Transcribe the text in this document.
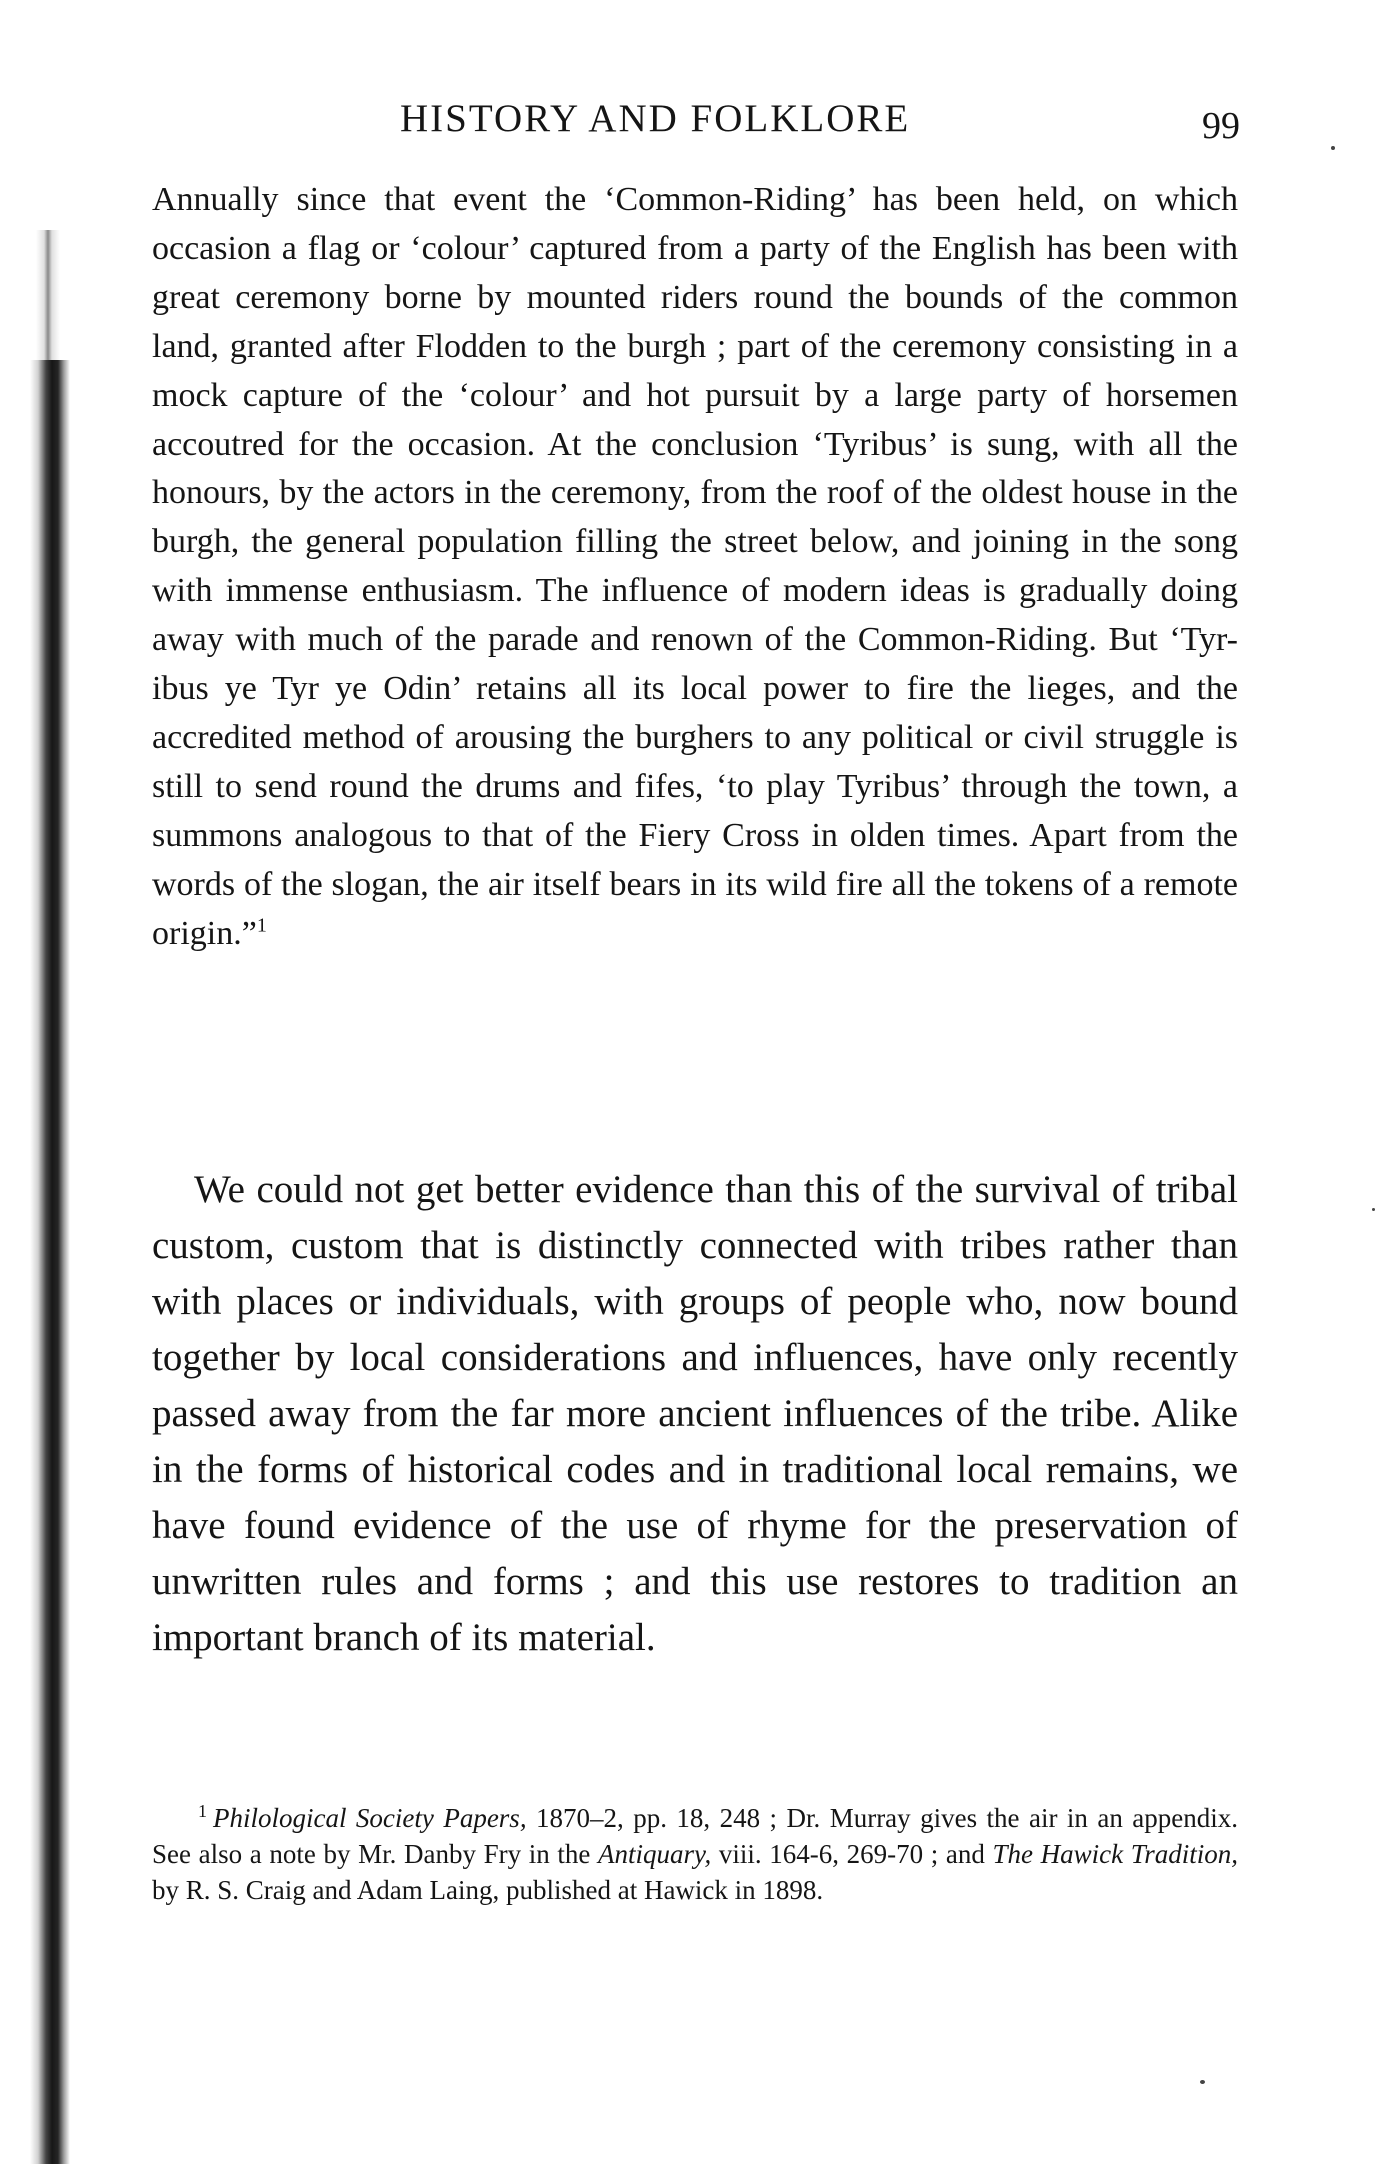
HISTORY AND FOLKLORE	99

Annually since that event the ‘Common-Riding’ has been held, on which occasion a flag or ‘colour’ captured from a party of the English has been with great ceremony borne by mounted riders round the bounds of the common land, granted after Flodden to the burgh ; part of the ceremony consisting in a mock capture of the ‘colour’ and hot pursuit by a large party of horsemen accoutred for the occasion. At the conclusion ‘Tyribus’ is sung, with all the honours, by the actors in the ceremony, from the roof of the oldest house in the burgh, the general population filling the street below, and joining in the song with immense enthusiasm. The influence of modern ideas is gradually doing away with much of the parade and renown of the Common-Riding. But ‘Tyr-ibus ye Tyr ye Odin’ retains all its local power to fire the lieges, and the accredited method of arousing the burghers to any political or civil struggle is still to send round the drums and fifes, ‘to play Tyribus’ through the town, a summons analogous to that of the Fiery Cross in olden times. Apart from the words of the slogan, the air itself bears in its wild fire all the tokens of a remote origin.”$^1$

We could not get better evidence than this of the survival of tribal custom, custom that is distinctly connected with tribes rather than with places or individuals, with groups of people who, now bound together by local considerations and influences, have only recently passed away from the far more ancient influences of the tribe. Alike in the forms of historical codes and in traditional local remains, we have found evidence of the use of rhyme for the preservation of unwritten rules and forms ; and this use restores to tradition an important branch of its material.

$^1$ Philological Society Papers, 1870–2, pp. 18, 248 ; Dr. Murray gives the air in an appendix. See also a note by Mr. Danby Fry in the Antiquary, viii. 164-6, 269-70 ; and The Hawick Tradition, by R. S. Craig and Adam Laing, published at Hawick in 1898.
